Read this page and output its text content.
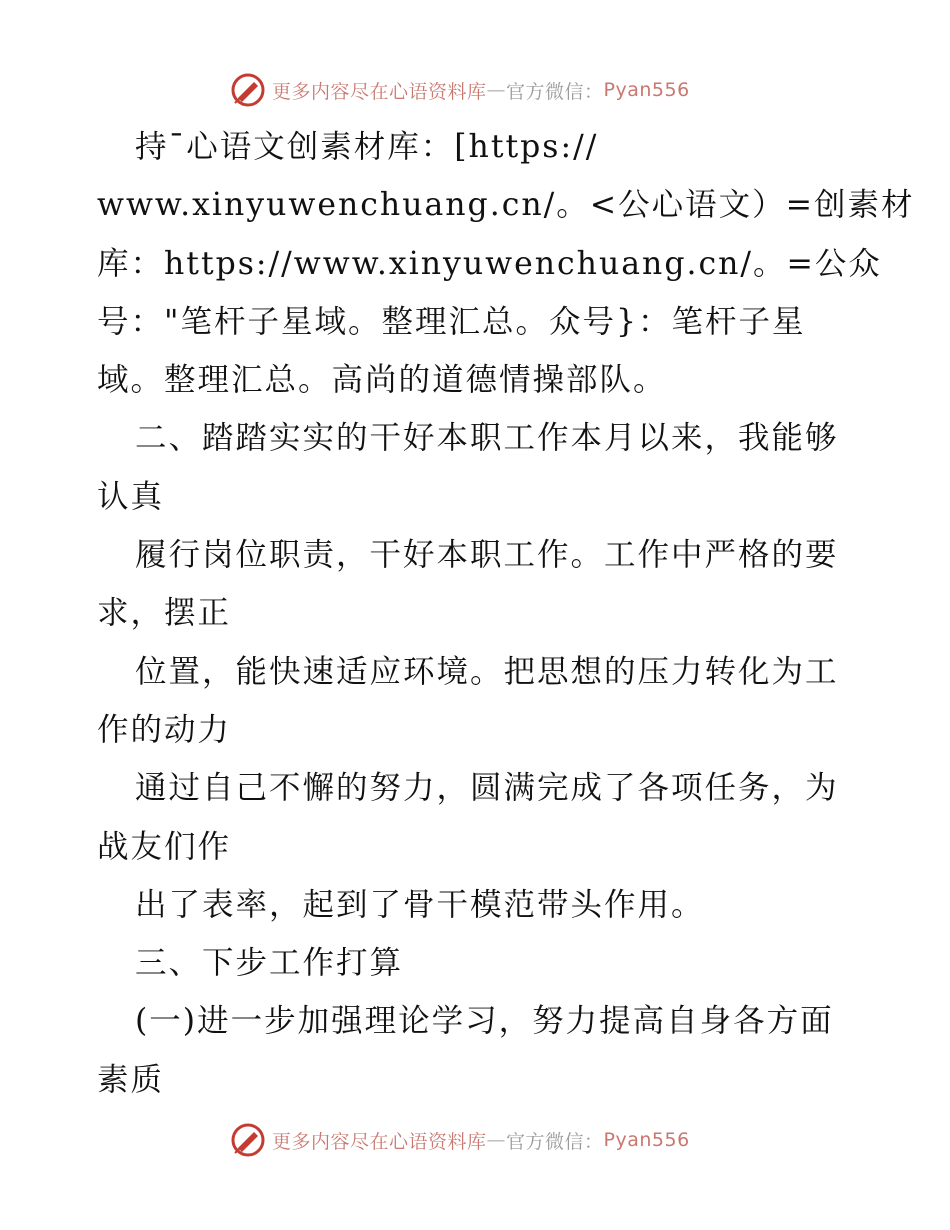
更多内容尽在心语资料库 — 官方微信 ： Pyan556

持¯心语文创素材库：[https://

www.xinyuwenchuang.cn/。<公心语文）=创素材

库：https://www.xinyuwenchuang.cn/。=公众

号："笔杆子星域。整理汇总。众号}：笔杆子星

域。整理汇总。高尚的道德情操部队。

二、踏踏实实的干好本职工作本月以来，我能够

认真

履行岗位职责，干好本职工作。工作中严格的要

求，摆正

位置，能快速适应环境。把思想的压力转化为工

作的动力

通过自己不懈的努力，圆满完成了各项任务，为

战友们作

出了表率，起到了骨干模范带头作用。

三、下步工作打算

(一)进一步加强理论学习，努力提高自身各方面

素质

更多内容尽在心语资料库 — 官方微信 ： Pyan556
